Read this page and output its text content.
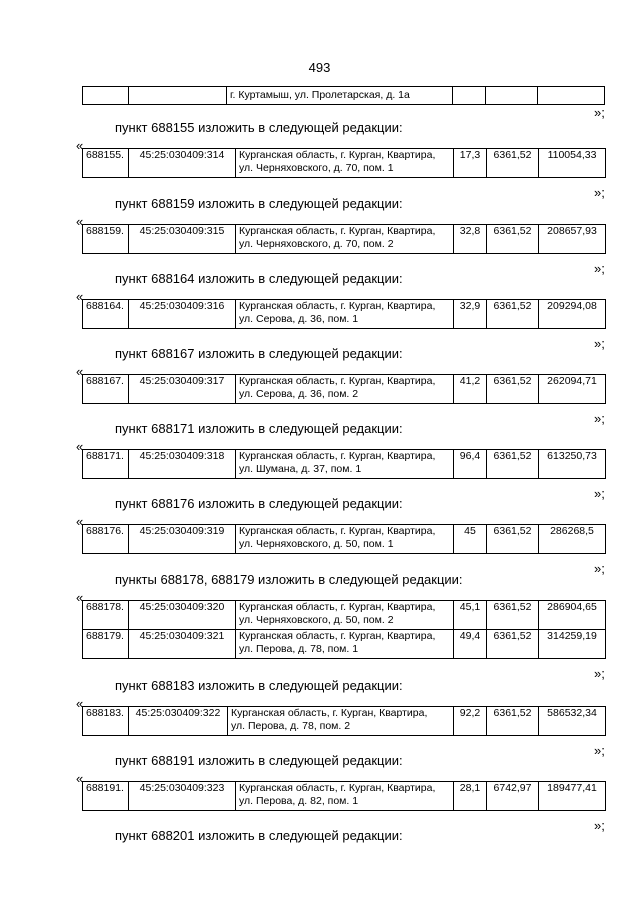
493

г. Куртамыш, ул. Пролетарская, д. 1а

»;
пункт 688155 изложить в следующей редакции:
«
688155.	45:25:030409:314	Курганская область, г. Курган, Квартира,
ул. Черняховского, д. 70, пом. 1
	17,3	6361,52	110054,33
»;
пункт 688159 изложить в следующей редакции:
«
688159.	45:25:030409:315	Курганская область, г. Курган, Квартира,
ул. Черняховского, д. 70, пом. 2
	32,8	6361,52	208657,93
»;
пункт 688164 изложить в следующей редакции:
«
688164.	45:25:030409:316	Курганская область, г. Курган, Квартира,
ул. Серова, д. 36, пом. 1
	32,9	6361,52	209294,08
»;
пункт 688167 изложить в следующей редакции:
«
688167.	45:25:030409:317	Курганская область, г. Курган, Квартира,
ул. Серова, д. 36, пом. 2
	41,2	6361,52	262094,71
»;
пункт 688171 изложить в следующей редакции:
«
688171.	45:25:030409:318	Курганская область, г. Курган, Квартира,
ул. Шумана, д. 37, пом. 1
	96,4	6361,52	613250,73
»;
пункт 688176 изложить в следующей редакции:
«
688176.	45:25:030409:319	Курганская область, г. Курган, Квартира,
ул. Черняховского, д. 50, пом. 1
	45	6361,52	286268,5
»;
пункты 688178, 688179 изложить в следующей редакции:
«
688178.	45:25:030409:320	Курганская область, г. Курган, Квартира,
ул. Черняховского, д. 50, пом. 2	45,1	6361,52	286904,65
688179.	45:25:030409:321	Курганская область, г. Курган, Квартира,
ул. Перова, д. 78, пом. 1	49,4	6361,52	314259,19
»;
пункт 688183 изложить в следующей редакции:
«
688183.	45:25:030409:322	Курганская область, г. Курган, Квартира,
ул. Перова, д. 78, пом. 2
	92,2	6361,52	586532,34
»;
пункт 688191 изложить в следующей редакции:
«
688191.	45:25:030409:323	Курганская область, г. Курган, Квартира,
ул. Перова, д. 82, пом. 1
	28,1	6742,97	189477,41
»;
пункт 688201 изложить в следующей редакции:
